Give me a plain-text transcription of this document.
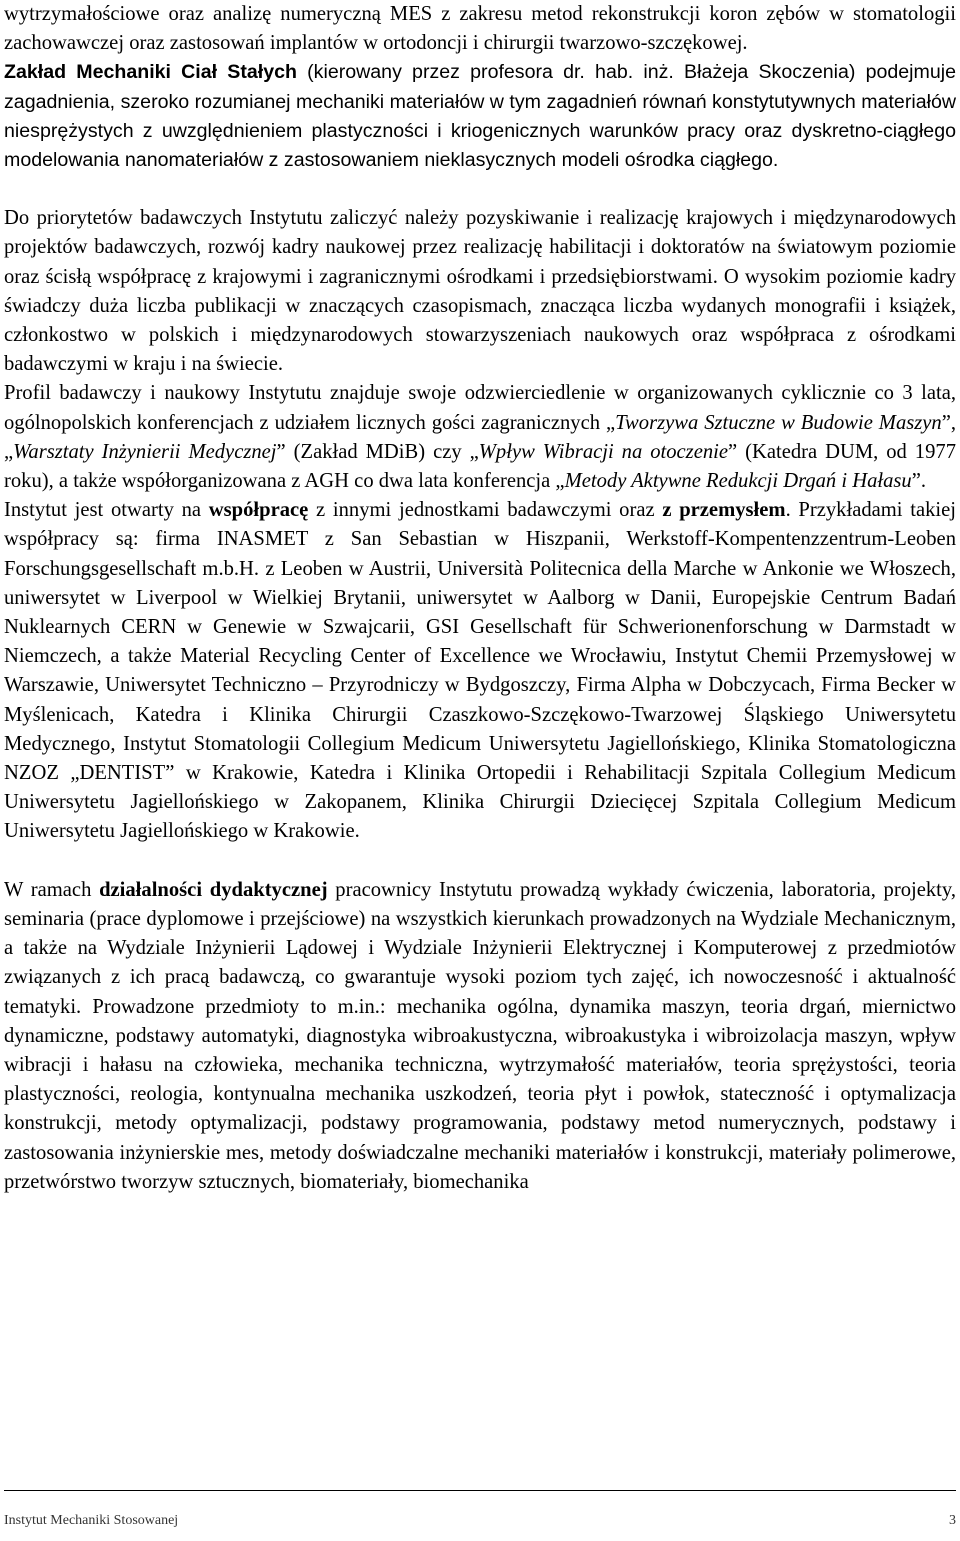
wytrzymałościowe oraz analizę numeryczną MES z zakresu metod rekonstrukcji koron zębów w stomatologii zachowawczej oraz zastosowań implantów w ortodoncji i chirurgii twarzowo-szczękowej.

Zakład Mechaniki Ciał Stałych (kierowany przez profesora dr. hab. inż. Błażeja Skoczenia) podejmuje zagadnienia, szeroko rozumianej mechaniki materiałów w tym zagadnień równań konstytutywnych materiałów niesprężystych z uwzględnieniem plastyczności i kriogenicznych warunków pracy oraz dyskretno-ciągłego modelowania nanomateriałów z zastosowaniem nieklasycznych modeli ośrodka ciągłego.

Do priorytetów badawczych Instytutu zaliczyć należy pozyskiwanie i realizację krajowych i międzynarodowych projektów badawczych, rozwój kadry naukowej przez realizację habilitacji i doktoratów na światowym poziomie oraz ścisłą współpracę z krajowymi i zagranicznymi ośrodkami i przedsiębiorstwami. O wysokim poziomie kadry świadczy duża liczba publikacji w znaczących czasopismach, znacząca liczba wydanych monografii i książek, członkostwo w polskich i międzynarodowych stowarzyszeniach naukowych oraz współpraca z ośrodkami badawczymi w kraju i na świecie.

Profil badawczy i naukowy Instytutu znajduje swoje odzwierciedlenie w organizowanych cyklicznie co 3 lata, ogólnopolskich konferencjach z udziałem licznych gości zagranicznych „Tworzywa Sztuczne w Budowie Maszyn”, „Warsztaty Inżynierii Medycznej” (Zakład MDiB) czy „Wpływ Wibracji na otoczenie” (Katedra DUM, od 1977 roku), a także współorganizowana z AGH co dwa lata konferencja „Metody Aktywne Redukcji Drgań i Hałasu”.

Instytut jest otwarty na współpracę z innymi jednostkami badawczymi oraz z przemysłem. Przykładami takiej współpracy są: firma INASMET z San Sebastian w Hiszpanii, Werkstoff-Kompentenzzentrum-Leoben Forschungsgesellschaft m.b.H. z Leoben w Austrii, Università Politecnica della Marche w Ankonie we Włoszech, uniwersytet w Liverpool w Wielkiej Brytanii, uniwersytet w Aalborg w Danii, Europejskie Centrum Badań Nuklearnych CERN w Genewie w Szwajcarii, GSI Gesellschaft für Schwerionenforschung w Darmstadt w Niemczech, a także Material Recycling Center of Excellence we Wrocławiu, Instytut Chemii Przemysłowej w Warszawie, Uniwersytet Techniczno – Przyrodniczy w Bydgoszczy, Firma Alpha w Dobczycach, Firma Becker w Myślenicach, Katedra i Klinika Chirurgii Czaszkowo-Szczękowo-Twarzowej Śląskiego Uniwersytetu Medycznego, Instytut Stomatologii Collegium Medicum Uniwersytetu Jagiellońskiego, Klinika Stomatologiczna NZOZ „DENTIST” w Krakowie, Katedra i Klinika Ortopedii i Rehabilitacji Szpitala Collegium Medicum Uniwersytetu Jagiellońskiego w Zakopanem, Klinika Chirurgii Dziecięcej Szpitala Collegium Medicum Uniwersytetu Jagiellońskiego w Krakowie.

W ramach działalności dydaktycznej pracownicy Instytutu prowadzą wykłady ćwiczenia, laboratoria, projekty, seminaria (prace dyplomowe i przejściowe) na wszystkich kierunkach prowadzonych na Wydziale Mechanicznym, a także na Wydziale Inżynierii Lądowej i Wydziale Inżynierii Elektrycznej i Komputerowej z przedmiotów związanych z ich pracą badawczą, co gwarantuje wysoki poziom tych zajęć, ich nowoczesność i aktualność tematyki. Prowadzone przedmioty to m.in.: mechanika ogólna, dynamika maszyn, teoria drgań, miernictwo dynamiczne, podstawy automatyki, diagnostyka wibroakustyczna, wibroakustyka i wibroizolacja maszyn, wpływ wibracji i hałasu na człowieka, mechanika techniczna, wytrzymałość materiałów, teoria sprężystości, teoria plastyczności, reologia, kontynualna mechanika uszkodzeń, teoria płyt i powłok, stateczność i optymalizacja konstrukcji, metody optymalizacji, podstawy programowania, podstawy metod numerycznych, podstawy i zastosowania inżynierskie mes, metody doświadczalne mechaniki materiałów i konstrukcji, materiały polimerowe, przetwórstwo tworzyw sztucznych, biomateriały, biomechanika

Instytut Mechaniki Stosowanej	3
